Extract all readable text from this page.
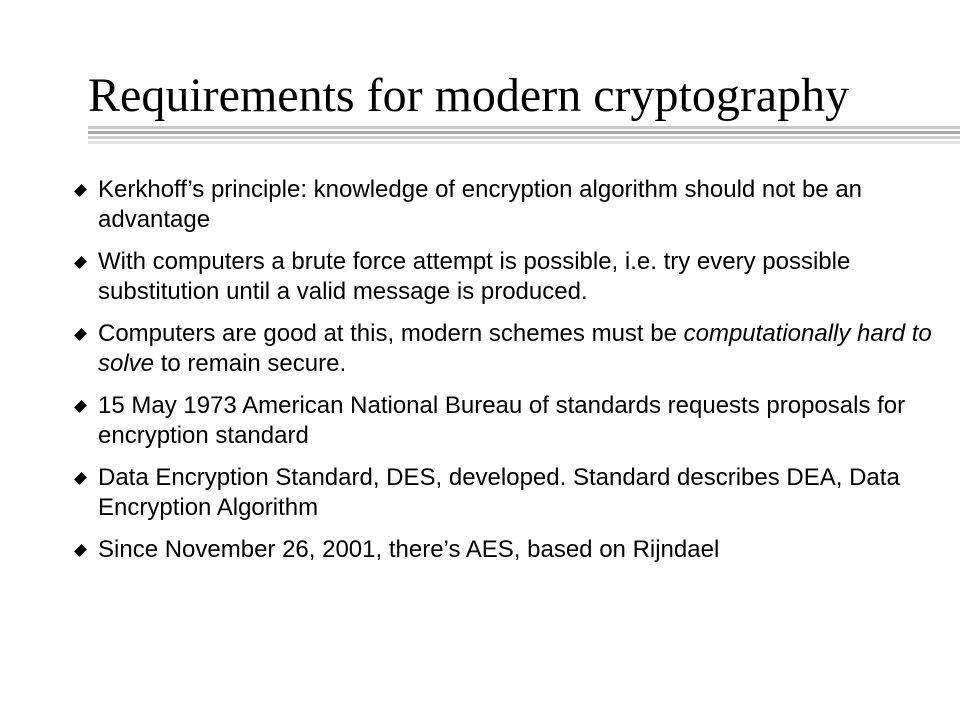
Requirements for modern cryptography
Kerkhoff’s principle: knowledge of encryption algorithm should not be an advantage
With computers a brute force attempt is possible, i.e. try every possible substitution until a valid message is produced.
Computers are good at this, modern schemes must be computationally hard to solve to remain secure.
15 May 1973 American National Bureau of standards requests proposals for encryption standard
Data Encryption Standard, DES, developed. Standard describes DEA, Data Encryption Algorithm
Since November 26, 2001, there’s AES, based on Rijndael
